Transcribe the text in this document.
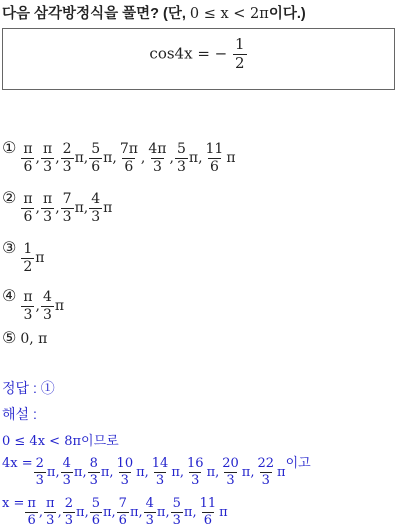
다음 삼각방정식을 풀면? (단, 0 ≤ x < 2π이다.)
cos4x = − $\frac{1}{2}$
① $\frac{\pi}{6}$ , $\frac{\pi}{3}$ , $\frac{2}{3}$ π , $\frac{5}{6}$ π , $\frac{7\pi}{6}$ , $\frac{4\pi}{3}$ , $\frac{5}{3}$ π , $\frac{11}{6}$ π
② $\frac{\pi}{6}$ , $\frac{\pi}{3}$ , $\frac{7}{3}$ π , $\frac{4}{3}$ π
③ $\frac{1}{2}$ π
④ $\frac{\pi}{3}$ , $\frac{4}{3}$ π
⑤ 0, π
정답 : ①
해설 :
0 ≤ 4x < 8π이므로
$4x = \frac{2}{3}$ π , $\frac{4}{3}$ π , $\frac{8}{3}$ π , $\frac{10}{3}$ π , $\frac{14}{3}$ π , $\frac{16}{3}$ π , $\frac{20}{3}$ π , $\frac{22}{3}$ π
이고
$x = \frac{\pi}{6}$ , $\frac{\pi}{3}$ , $\frac{2}{3}$ π , $\frac{5}{6}$ π , $\frac{7}{6}$ π , $\frac{4}{3}$ π , $\frac{5}{3}$ π , $\frac{11}{6}$ π
